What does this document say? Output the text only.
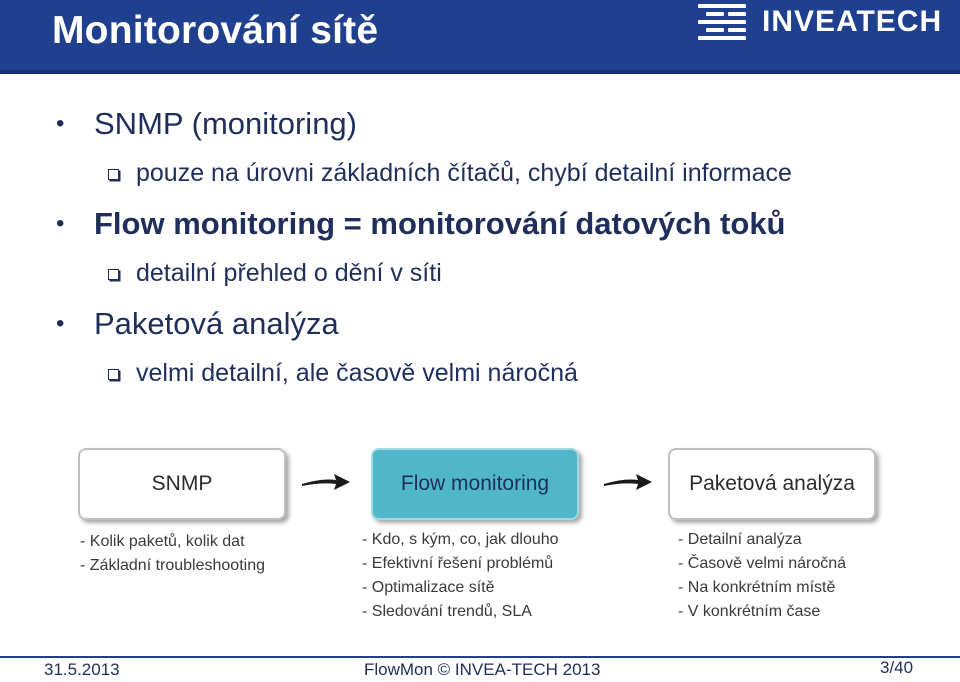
Monitorování sítě	INVEATECH
• SNMP (monitoring)
pouze na úrovni základních čítačů, chybí detailní informace
• Flow monitoring = monitorování datových toků
detailní přehled o dění v síti
• Paketová analýza
velmi detailní, ale časově velmi náročná
SNMP	Flow monitoring	Paketová analýza
- Kolik paketů, kolik dat
- Základní troubleshooting
- Kdo, s kým, co, jak dlouho
- Efektivní řešení problémů
- Optimalizace sítě
- Sledování trendů, SLA
- Detailní analýza
- Časově velmi náročná
- Na konkrétním místě
- V konkrétním čase
31.5.2013	FlowMon © INVEA-TECH 2013	3/40
